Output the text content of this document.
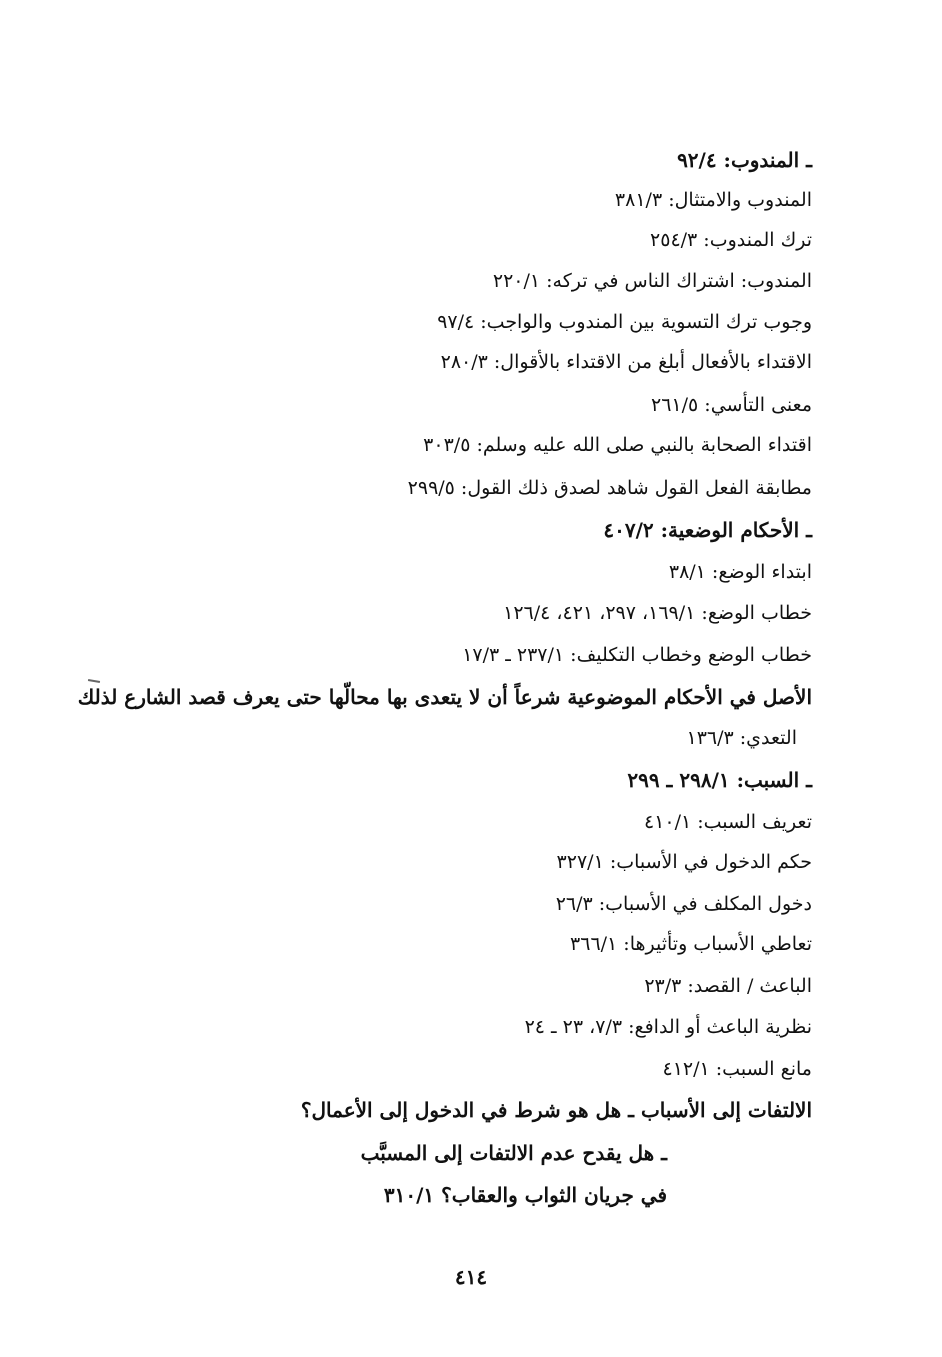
ـ المندوب: ٩٢/٤
المندوب والامتثال: ٣٨١/٣
ترك المندوب: ٢٥٤/٣
المندوب: اشتراك الناس في تركه: ٢٢٠/١
وجوب ترك التسوية بين المندوب والواجب: ٩٧/٤
الاقتداء بالأفعال أبلغ من الاقتداء بالأقوال: ٢٨٠/٣
معنى التأسي: ٢٦١/٥
اقتداء الصحابة بالنبي صلى الله عليه وسلم: ٣٠٣/٥
مطابقة الفعل القول شاهد لصدق ذلك القول: ٢٩٩/٥
ـ الأحكام الوضعية: ٤٠٧/٢
ابتداء الوضع: ٣٨/١
خطاب الوضع: ١٦٩/١، ٢٩٧، ٤٢١، ١٢٦/٤
خطاب الوضع وخطاب التكليف: ٢٣٧/١ ـ ١٧/٣
الأصل في الأحكام الموضوعية شرعاً أن لا يتعدى بها محالّها حتى يعرف قصد الشارع لذلك
التعدي: ١٣٦/٣
ـ السبب: ٢٩٨/١ ـ ٢٩٩
تعريف السبب: ٤١٠/١
حكم الدخول في الأسباب: ٣٢٧/١
دخول المكلف في الأسباب: ٢٦/٣
تعاطي الأسباب وتأثيرها: ٣٦٦/١
الباعث / القصد: ٢٣/٣
نظرية الباعث أو الدافع: ٧/٣، ٢٣ ـ ٢٤
مانع السبب: ٤١٢/١
الالتفات إلى الأسباب ـ هل هو شرط في الدخول إلى الأعمال؟
ـ هل يقدح عدم الالتفات إلى المسبَّب
في جريان الثواب والعقاب؟ ٣١٠/١
٤١٤
